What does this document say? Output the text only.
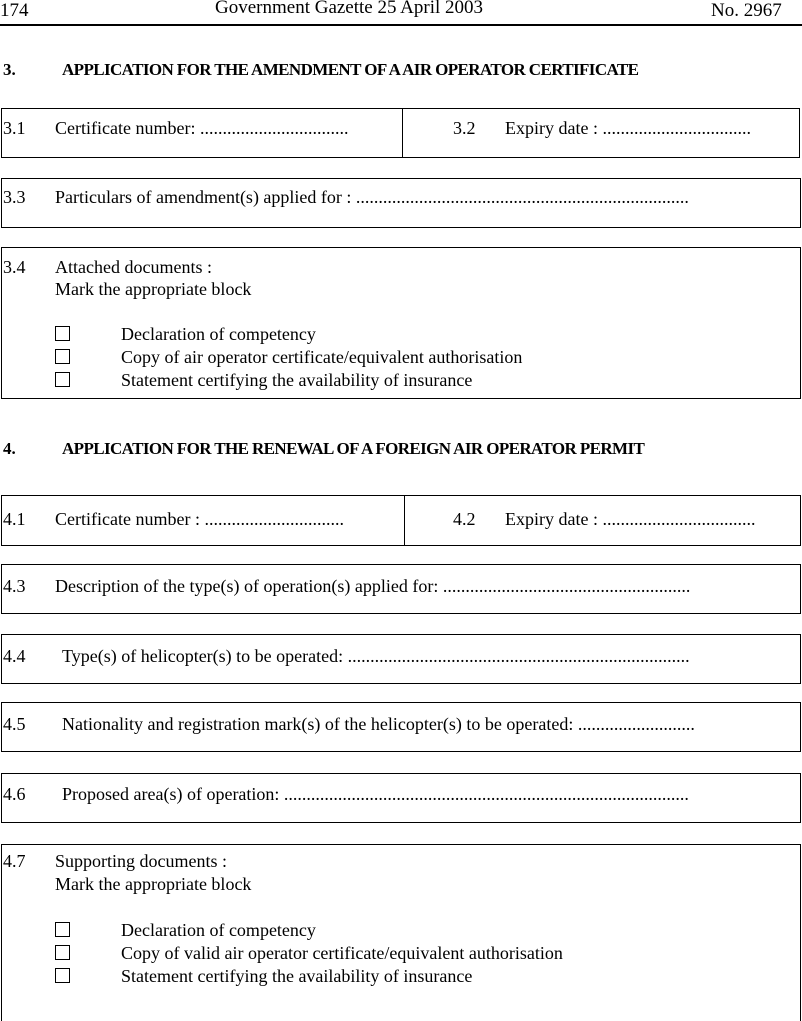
174	Government Gazette 25 April 2003	No. 2967
3.	APPLICATION FOR THE AMENDMENT OF A AIR OPERATOR CERTIFICATE
3.1 Certificate number: .................................	3.2 Expiry date : .................................
3.3 Particulars of amendment(s) applied for : ..........................................................................
3.4 Attached documents :
Mark the appropriate block
Declaration of competency
Copy of air operator certificate/equivalent authorisation
Statement certifying the availability of insurance
4.	APPLICATION FOR THE RENEWAL OF A FOREIGN AIR OPERATOR PERMIT
4.1 Certificate number : ...............................	4.2 Expiry date : ..................................
4.3 Description of the type(s) of operation(s) applied for: .......................................................
4.4 Type(s) of helicopter(s) to be operated: ............................................................................
4.5 Nationality and registration mark(s) of the helicopter(s) to be operated: ..........................
4.6 Proposed area(s) of operation: ..........................................................................................
4.7 Supporting documents :
Mark the appropriate block
Declaration of competency
Copy of valid air operator certificate/equivalent authorisation
Statement certifying the availability of insurance
